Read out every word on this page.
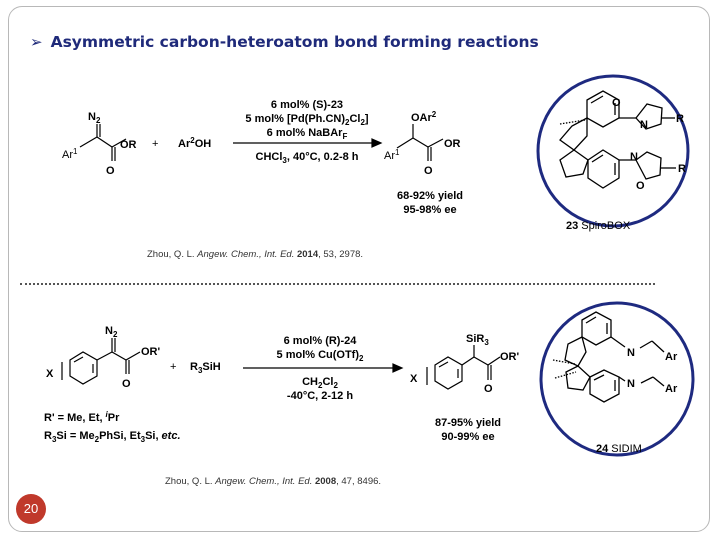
➢ Asymmetric carbon-heteroatom bond forming reactions
$N_2$
Ar$^1$
OR
O
+ $Ar^2OH$
6 mol% (S)-23
5 mol% $[Pd(Ph.CN)_2Cl_2]$
6 mol% NaBAr$_F$
CHCl$_3$, 40°C, 0.2-8 h
OAr$^2$
Ar$^1$
OR
O
68-92% yield
95-98% ee
O
N	R
N
O
R
23 SpiroBOX
$N_2$
X
OR'
O
+ $R_3SiH$
6 mol% (R)-24
5 mol% $Cu(OTf)_2$
$CH_2Cl_2$
-40°C, 2-12 h
SiR$_3$
X
OR'
O
87-95% yield
90-99% ee
R' = Me, Et, $^i$Pr
$R_3Si$ = $Me_2PhSi$, $Et_3Si$, etc.
N	Ar
N	Ar
24 SIDIM
Zhou, Q. L. Angew. Chem., Int. Ed. 2014, 53, 2978.
Zhou, Q. L. Angew. Chem., Int. Ed. 2008, 47, 8496.
20
